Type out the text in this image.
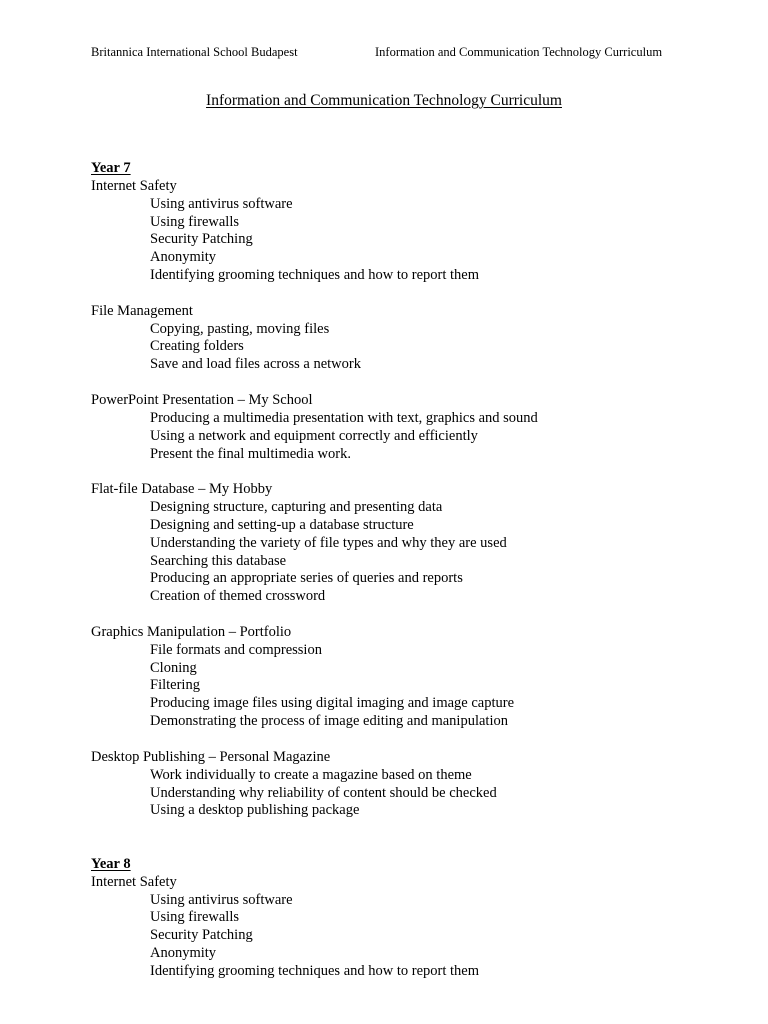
Britannica International School Budapest	Information and Communication Technology Curriculum
Information and Communication Technology Curriculum
Year 7
Internet Safety
Using antivirus software
Using firewalls
Security Patching
Anonymity
Identifying grooming techniques and how to report them
File Management
Copying, pasting, moving files
Creating folders
Save and load files across a network
PowerPoint Presentation – My School
Producing a multimedia presentation with text, graphics and sound
Using a network and equipment correctly and efficiently
Present the final multimedia work.
Flat-file Database – My Hobby
Designing structure, capturing and presenting data
Designing and setting-up a database structure
Understanding the variety of file types and why they are used
Searching this database
Producing an appropriate series of queries and reports
Creation of themed crossword
Graphics Manipulation – Portfolio
File formats and compression
Cloning
Filtering
Producing image files using digital imaging and image capture
Demonstrating the process of image editing and manipulation
Desktop Publishing – Personal Magazine
Work individually to create a magazine based on theme
Understanding why reliability of content should be checked
Using a desktop publishing package
Year 8
Internet Safety
Using antivirus software
Using firewalls
Security Patching
Anonymity
Identifying grooming techniques and how to report them
